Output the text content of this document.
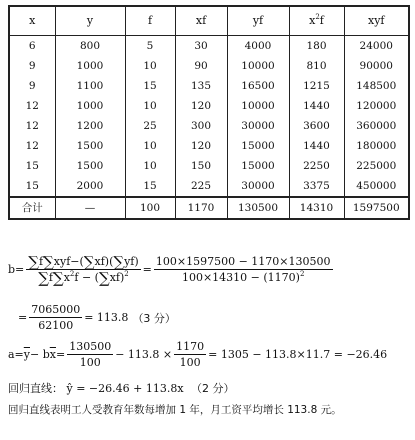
x	y	f	xf	yf	$x^2f$	xyf
6	800	5	30	4000	180	24000
9	1000	10	90	10000	810	90000
9	1100	15	135	16500	1215	148500
12	1000	10	120	10000	1440	120000
12	1200	25	300	30000	3600	360000
12	1500	10	120	15000	1440	180000
15	1500	10	150	15000	2250	225000
15	2000	15	225	30000	3375	450000
合计	—	100	1170	130500	14310	1597500
$b= \frac{\text{∑f∑xyf−(∑xf)(∑yf)}}{\sum f\sum x^2f - (\sum xf)^2} = \frac{100\times 1597500 - 1170\times 130500}{100\times 14310 - (1170)^2}$
= $\frac{7065000}{62100} = 113.8$ （3 分）
$a= \overline{y} - b$ $\overline{x} = \frac{130500}{100} - 113.8 \times \frac{1170}{100} = 1305 - 113.8\times 11.7 = -26.46$
回归直线： ŷ = −26.46 + 113.8x （2 分）
回归直线表明工人受教育年数每增加 1 年，月工资平均增长 113.8 元。
